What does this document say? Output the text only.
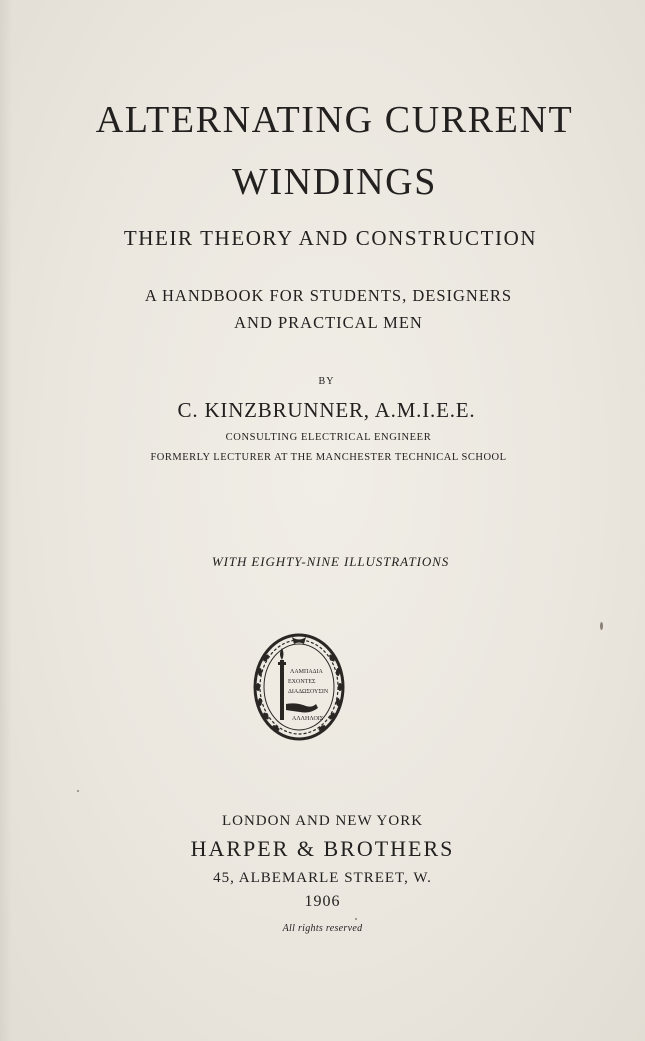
ALTERNATING CURRENT
WINDINGS
THEIR THEORY AND CONSTRUCTION
A HANDBOOK FOR STUDENTS, DESIGNERS
AND PRACTICAL MEN
BY
C. KINZBRUNNER, A.M.I.E.E.
CONSULTING ELECTRICAL ENGINEER
FORMERLY LECTURER AT THE MANCHESTER TECHNICAL SCHOOL
WITH EIGHTY-NINE ILLUSTRATIONS
ΛΑΜΠΑΔΙΑ
ΕΧΟΝΤΕΣ
ΔΙΑΔΩΣΟΥΣΙΝ
ΑΛΛΗΛΟΙΣ
LONDON AND NEW YORK
HARPER & BROTHERS
45, ALBEMARLE STREET, W.
1906
All rights reserved
